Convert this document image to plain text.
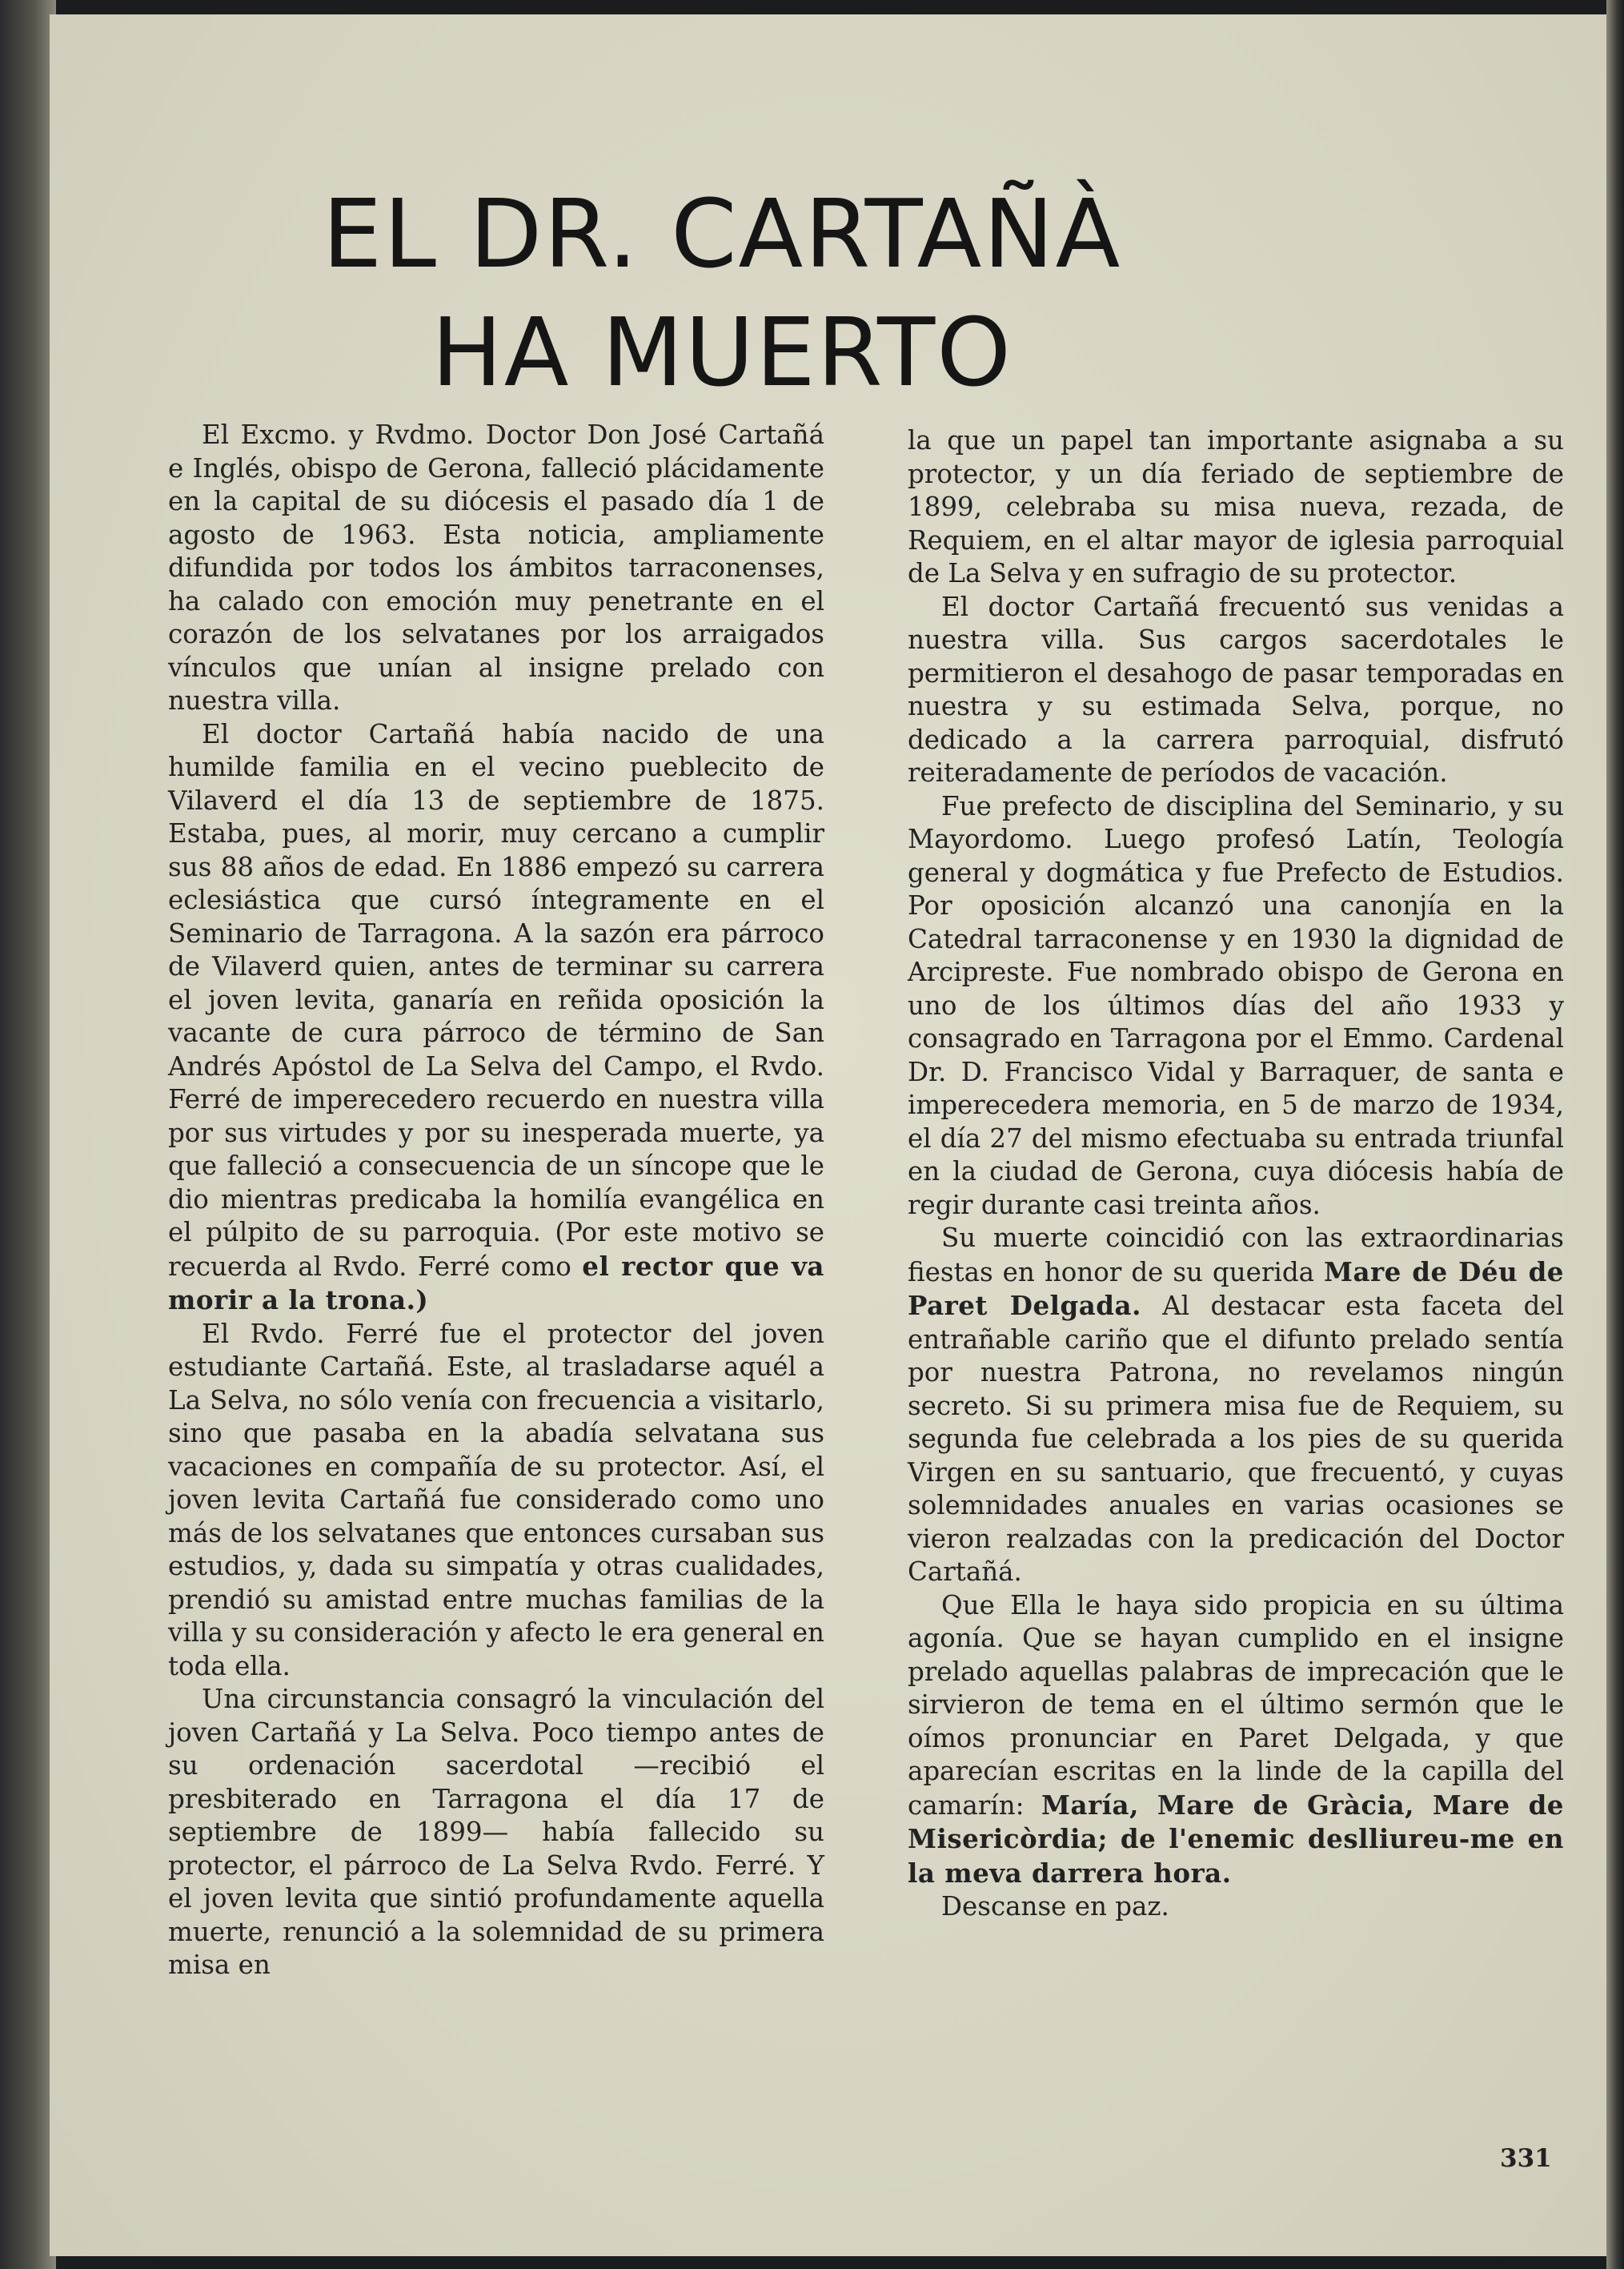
EL DR. CARTAÑÀ
HA MUERTO

El Excmo. y Rvdmo. Doctor Don José Cartañá e Inglés, obispo de Gerona, falleció plácidamente en la capital de su diócesis el pasado día 1 de agosto de 1963. Esta noticia, ampliamente difundida por todos los ámbitos tarraconenses, ha calado con emoción muy penetrante en el corazón de los selvatanes por los arraigados vínculos que unían al insigne prelado con nuestra villa.

El doctor Cartañá había nacido de una humilde familia en el vecino pueblecito de Vilaverd el día 13 de septiembre de 1875. Estaba, pues, al morir, muy cercano a cumplir sus 88 años de edad. En 1886 empezó su carrera eclesiástica que cursó íntegramente en el Seminario de Tarragona. A la sazón era párroco de Vilaverd quien, antes de terminar su carrera el joven levita, ganaría en reñida oposición la vacante de cura párroco de término de San Andrés Apóstol de La Selva del Campo, el Rvdo. Ferré de imperecedero recuerdo en nuestra villa por sus virtudes y por su inesperada muerte, ya que falleció a consecuencia de un síncope que le dio mientras predicaba la homilía evangélica en el púlpito de su parroquia. (Por este motivo se recuerda al Rvdo. Ferré como el rector que va morir a la trona.)

El Rvdo. Ferré fue el protector del joven estudiante Cartañá. Este, al trasladarse aquél a La Selva, no sólo venía con frecuencia a visitarlo, sino que pasaba en la abadía selvatana sus vacaciones en compañía de su protector. Así, el joven levita Cartañá fue considerado como uno más de los selvatanes que entonces cursaban sus estudios, y, dada su simpatía y otras cualidades, prendió su amistad entre muchas familias de la villa y su consideración y afecto le era general en toda ella.

Una circunstancia consagró la vinculación del joven Cartañá y La Selva. Poco tiempo antes de su ordenación sacerdotal —recibió el presbiterado en Tarragona el día 17 de septiembre de 1899— había fallecido su protector, el párroco de La Selva Rvdo. Ferré. Y el joven levita que sintió profundamente aquella muerte, renunció a la solemnidad de su primera misa en

la que un papel tan importante asignaba a su protector, y un día feriado de septiembre de 1899, celebraba su misa nueva, rezada, de Requiem, en el altar mayor de iglesia parroquial de La Selva y en sufragio de su protector.

El doctor Cartañá frecuentó sus venidas a nuestra villa. Sus cargos sacerdotales le permitieron el desahogo de pasar temporadas en nuestra y su estimada Selva, porque, no dedicado a la carrera parroquial, disfrutó reiteradamente de períodos de vacación.

Fue prefecto de disciplina del Seminario, y su Mayordomo. Luego profesó Latín, Teología general y dogmática y fue Prefecto de Estudios. Por oposición alcanzó una canonjía en la Catedral tarraconense y en 1930 la dignidad de Arcipreste. Fue nombrado obispo de Gerona en uno de los últimos días del año 1933 y consagrado en Tarragona por el Emmo. Cardenal Dr. D. Francisco Vidal y Barraquer, de santa e imperecedera memoria, en 5 de marzo de 1934, el día 27 del mismo efectuaba su entrada triunfal en la ciudad de Gerona, cuya diócesis había de regir durante casi treinta años.

Su muerte coincidió con las extraordinarias fiestas en honor de su querida Mare de Déu de Paret Delgada. Al destacar esta faceta del entrañable cariño que el difunto prelado sentía por nuestra Patrona, no revelamos ningún secreto. Si su primera misa fue de Requiem, su segunda fue celebrada a los pies de su querida Virgen en su santuario, que frecuentó, y cuyas solemnidades anuales en varias ocasiones se vieron realzadas con la predicación del Doctor Cartañá.

Que Ella le haya sido propicia en su última agonía. Que se hayan cumplido en el insigne prelado aquellas palabras de imprecación que le sirvieron de tema en el último sermón que le oímos pronunciar en Paret Delgada, y que aparecían escritas en la linde de la capilla del camarín: María, Mare de Gràcia, Mare de Misericòrdia; de l'enemic deslliureu-me en la meva darrera hora.

Descanse en paz.

331
